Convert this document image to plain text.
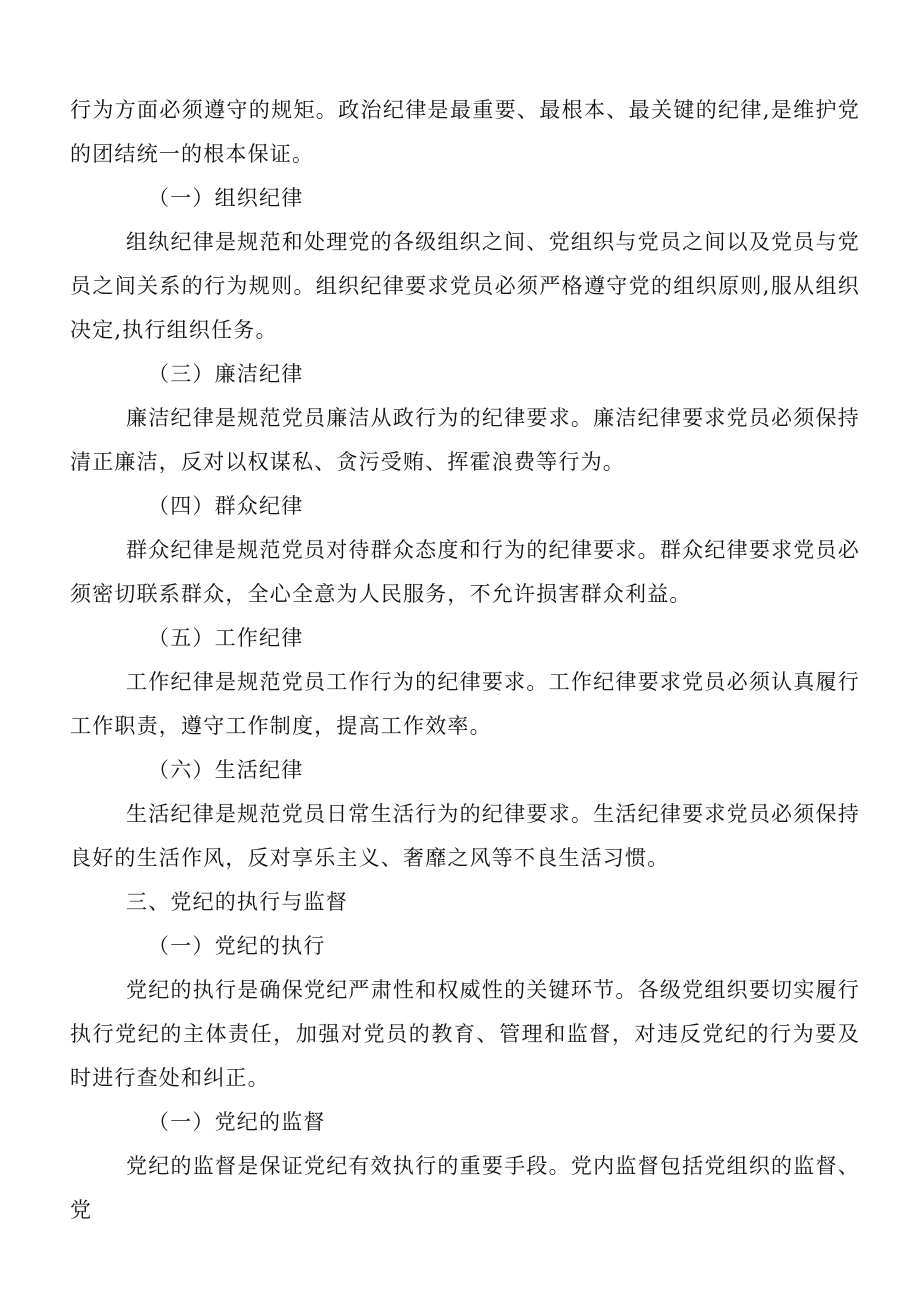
行为方面必须遵守的规矩。政治纪律是最重要、最根本、最关键的纪律,是维护党的团结统一的根本保证。

（一）组织纪律

组纨纪律是规范和处理党的各级组织之间、党组织与党员之间以及党员与党员之间关系的行为规则。组织纪律要求党员必须严格遵守党的组织原则,服从组织决定,执行组织任务。

（三）廉洁纪律

廉洁纪律是规范党员廉洁从政行为的纪律要求。廉洁纪律要求党员必须保持清正廉洁，反对以权谋私、贪污受贿、挥霍浪费等行为。

（四）群众纪律

群众纪律是规范党员对待群众态度和行为的纪律要求。群众纪律要求党员必须密切联系群众，全心全意为人民服务，不允许损害群众利益。

（五）工作纪律

工作纪律是规范党员工作行为的纪律要求。工作纪律要求党员必须认真履行工作职责，遵守工作制度，提高工作效率。

（六）生活纪律

生活纪律是规范党员日常生活行为的纪律要求。生活纪律要求党员必须保持良好的生活作风，反对享乐主义、奢靡之风等不良生活习惯。

三、党纪的执行与监督

（一）党纪的执行

党纪的执行是确保党纪严肃性和权威性的关键环节。各级党组织要切实履行执行党纪的主体责任，加强对党员的教育、管理和监督，对违反党纪的行为要及时进行查处和纠正。

（一）党纪的监督

党纪的监督是保证党纪有效执行的重要手段。党内监督包括党组织的监督、党
